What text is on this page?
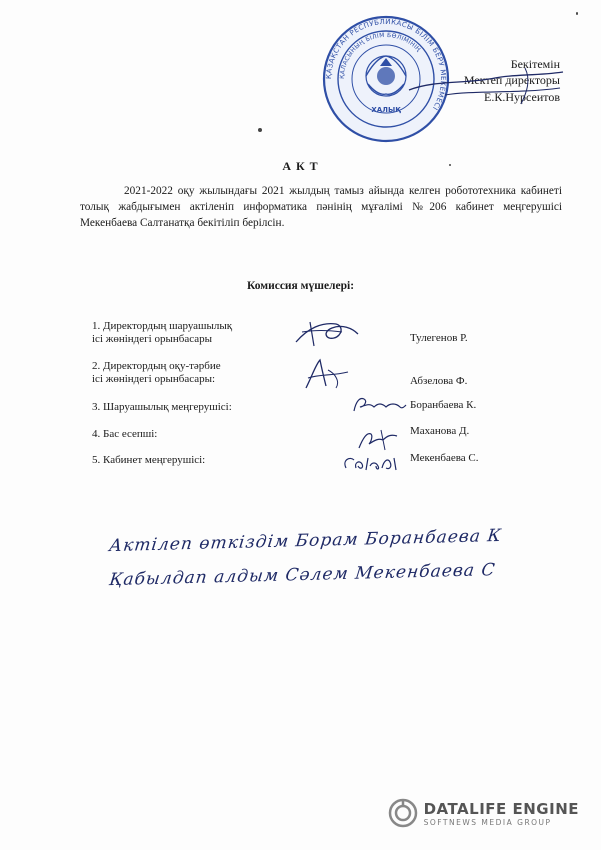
ҚАЗАҚСТАН РЕСПУБЛИКАСЫ БІЛІМ БЕРУ МЕКЕМЕСІ
ҚАЛАСЫНЫҢ БІЛІМ БӨЛІМІНІҢ
ХАЛЫҚ
Бекітемін
Мектеп директоры
Е.К.Нурсеитов
А К Т
2021-2022 оқу жылындағы 2021 жылдың тамыз айында келген робототехника кабинеті толық жабдығымен актіленіп информатика пәнінің мұғалімі №206 кабинет меңгерушісі Мекенбаева Салтанатқа бекітіліп берілсін.
Комиссия мүшелері:
1. Директордың шаруашылық
ісі жөніндегі орынбасары	Тулегенов Р.
2. Директордың оқу-тәрбие
ісі жөніндегі орынбасары:	Абзелова Ф.
3. Шаруашылық меңгерушісі:	Боранбаева К.
4. Бас есепші:	Маханова Д.
5. Кабинет меңгерушісі:	Мекенбаева С.
Актілеп өткіздім Борам Боранбаева К
Қабылдап алдым Сәлем Мекенбаева С
DATALIFE ENGINE
SOFTNEWS MEDIA GROUP
